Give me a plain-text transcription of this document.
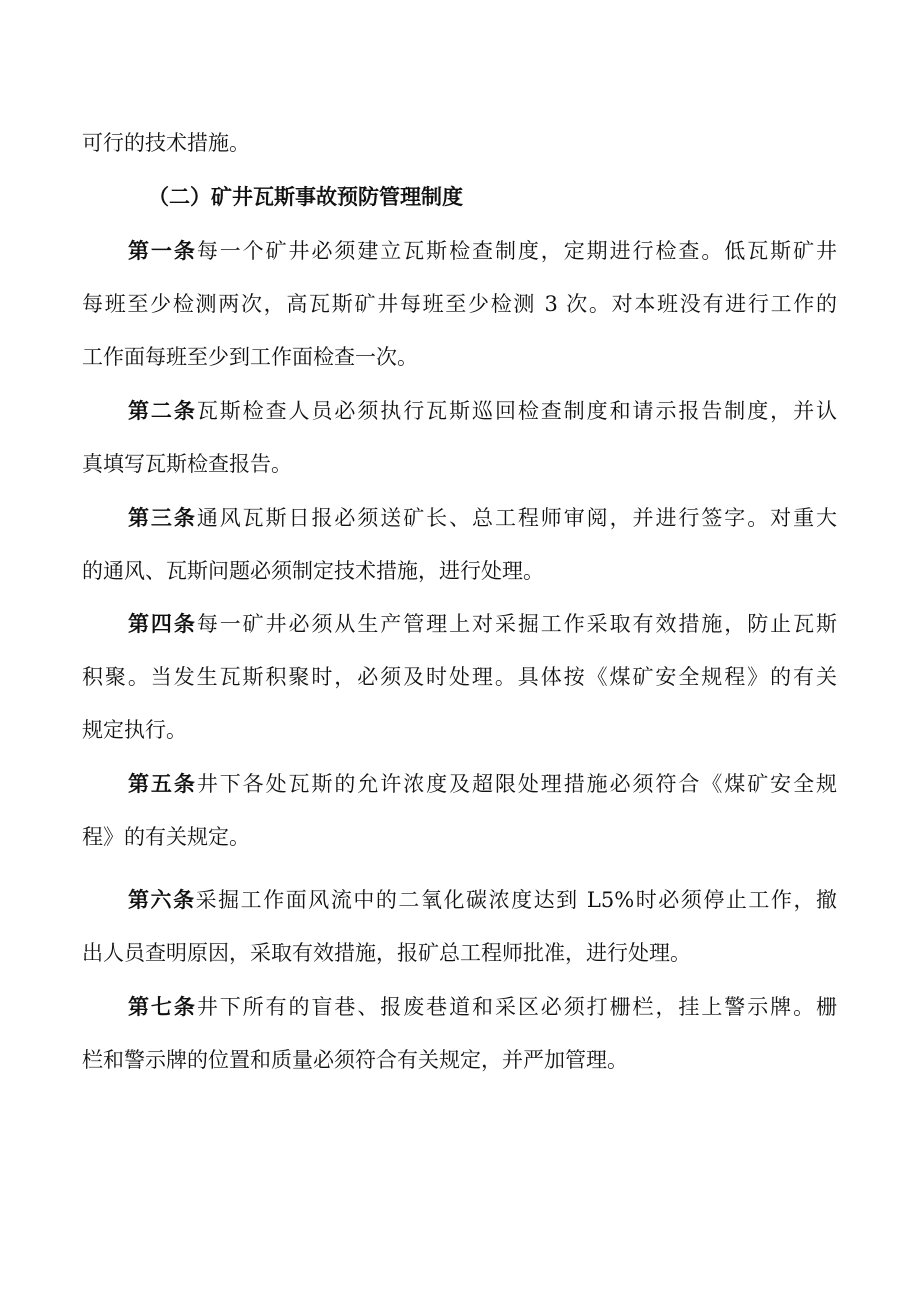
可行的技术措施。
（二）矿井瓦斯事故预防管理制度
第一条每一个矿井必须建立瓦斯检查制度，定期进行检查。低瓦斯矿井
每班至少检测两次，高瓦斯矿井每班至少检测 3 次。对本班没有进行工作的
工作面每班至少到工作面检查一次。
第二条瓦斯检查人员必须执行瓦斯巡回检查制度和请示报告制度，并认
真填写瓦斯检查报告。
第三条通风瓦斯日报必须送矿长、总工程师审阅，并进行签字。对重大
的通风、瓦斯问题必须制定技术措施，进行处理。
第四条每一矿井必须从生产管理上对采掘工作采取有效措施，防止瓦斯
积聚。当发生瓦斯积聚时，必须及时处理。具体按《煤矿安全规程》的有关
规定执行。
第五条井下各处瓦斯的允许浓度及超限处理措施必须符合《煤矿安全规
程》的有关规定。
第六条采掘工作面风流中的二氧化碳浓度达到 L5%时必须停止工作，撤
出人员查明原因，采取有效措施，报矿总工程师批准，进行处理。
第七条井下所有的盲巷、报废巷道和采区必须打栅栏，挂上警示牌。栅
栏和警示牌的位置和质量必须符合有关规定，并严加管理。
